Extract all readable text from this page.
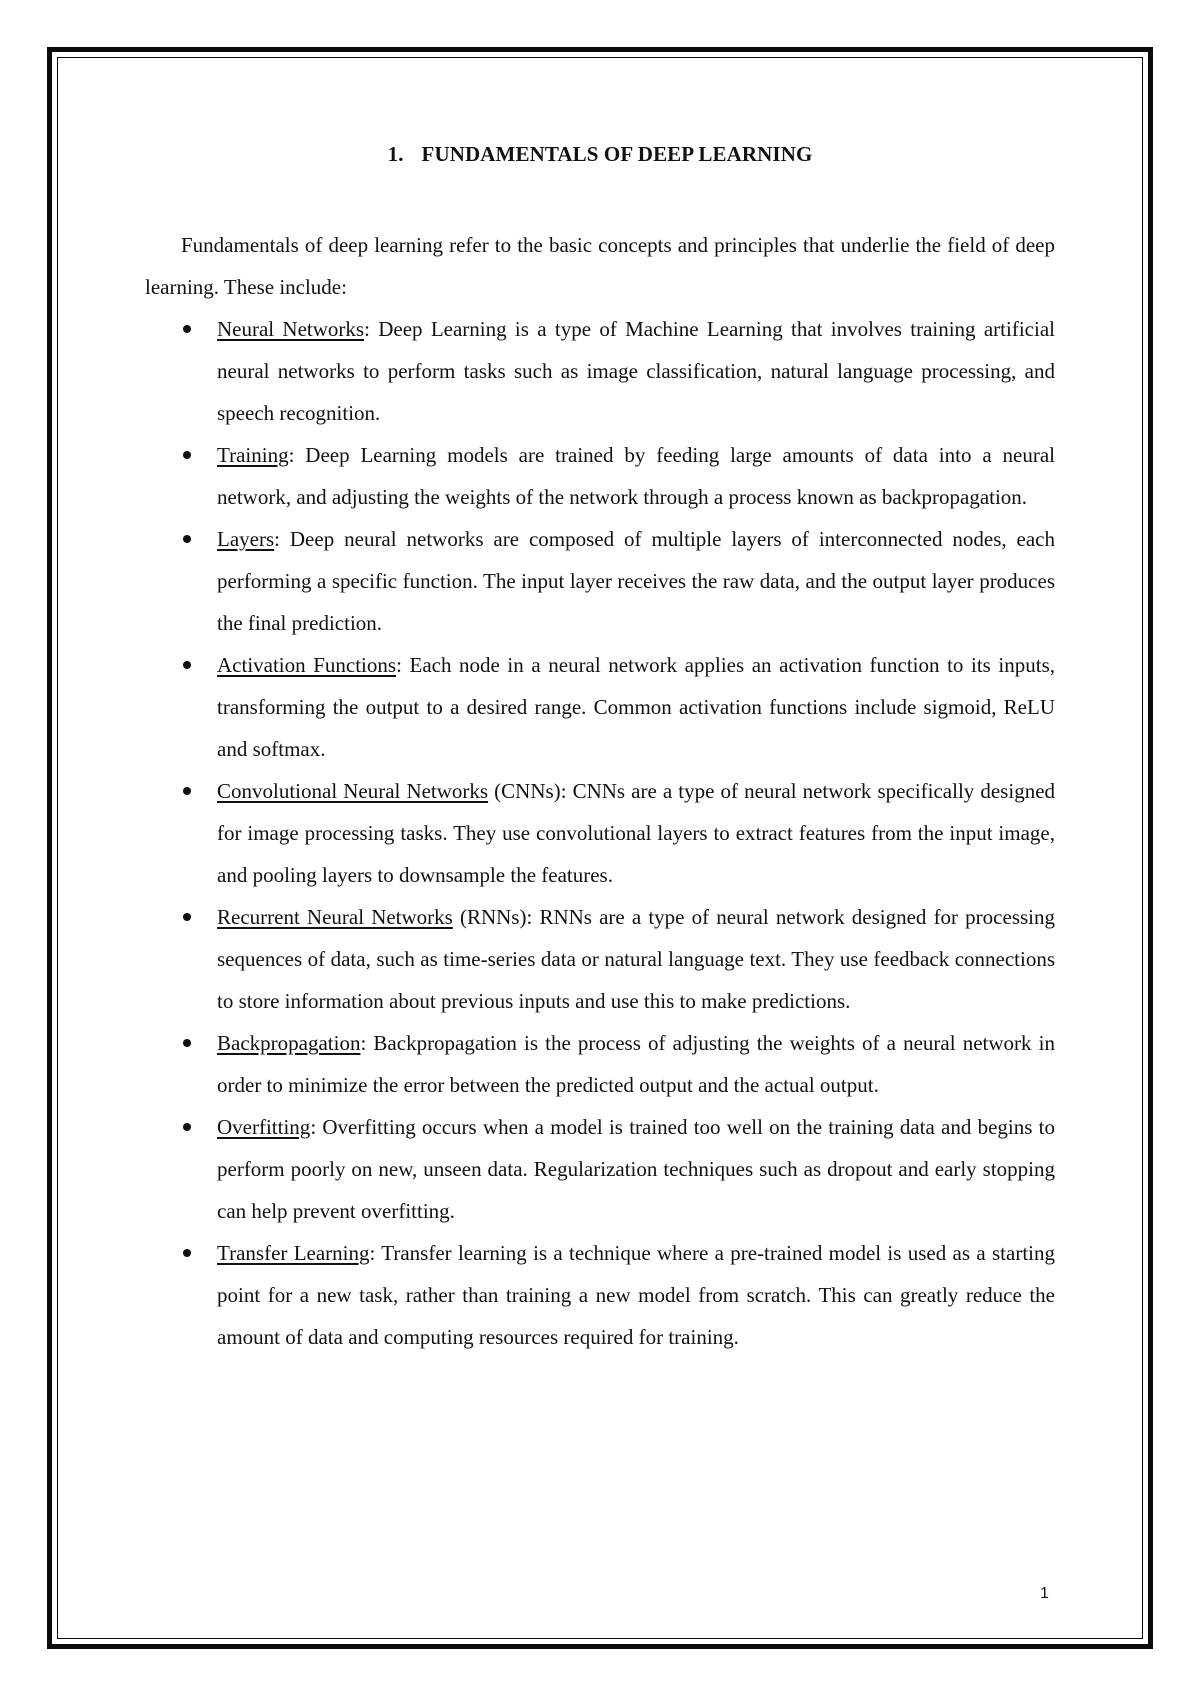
1. FUNDAMENTALS OF DEEP LEARNING

Fundamentals of deep learning refer to the basic concepts and principles that underlie the field of deep learning. These include:

Neural Networks: Deep Learning is a type of Machine Learning that involves training artificial neural networks to perform tasks such as image classification, natural language processing, and speech recognition.
Training: Deep Learning models are trained by feeding large amounts of data into a neural network, and adjusting the weights of the network through a process known as backpropagation.
Layers: Deep neural networks are composed of multiple layers of interconnected nodes, each performing a specific function. The input layer receives the raw data, and the output layer produces the final prediction.
Activation Functions: Each node in a neural network applies an activation function to its inputs, transforming the output to a desired range. Common activation functions include sigmoid, ReLU and softmax.
Convolutional Neural Networks (CNNs): CNNs are a type of neural network specifically designed for image processing tasks. They use convolutional layers to extract features from the input image, and pooling layers to downsample the features.
Recurrent Neural Networks (RNNs): RNNs are a type of neural network designed for processing sequences of data, such as time-series data or natural language text. They use feedback connections to store information about previous inputs and use this to make predictions.
Backpropagation: Backpropagation is the process of adjusting the weights of a neural network in order to minimize the error between the predicted output and the actual output.
Overfitting: Overfitting occurs when a model is trained too well on the training data and begins to perform poorly on new, unseen data. Regularization techniques such as dropout and early stopping can help prevent overfitting.
Transfer Learning: Transfer learning is a technique where a pre-trained model is used as a starting point for a new task, rather than training a new model from scratch. This can greatly reduce the amount of data and computing resources required for training.
1
